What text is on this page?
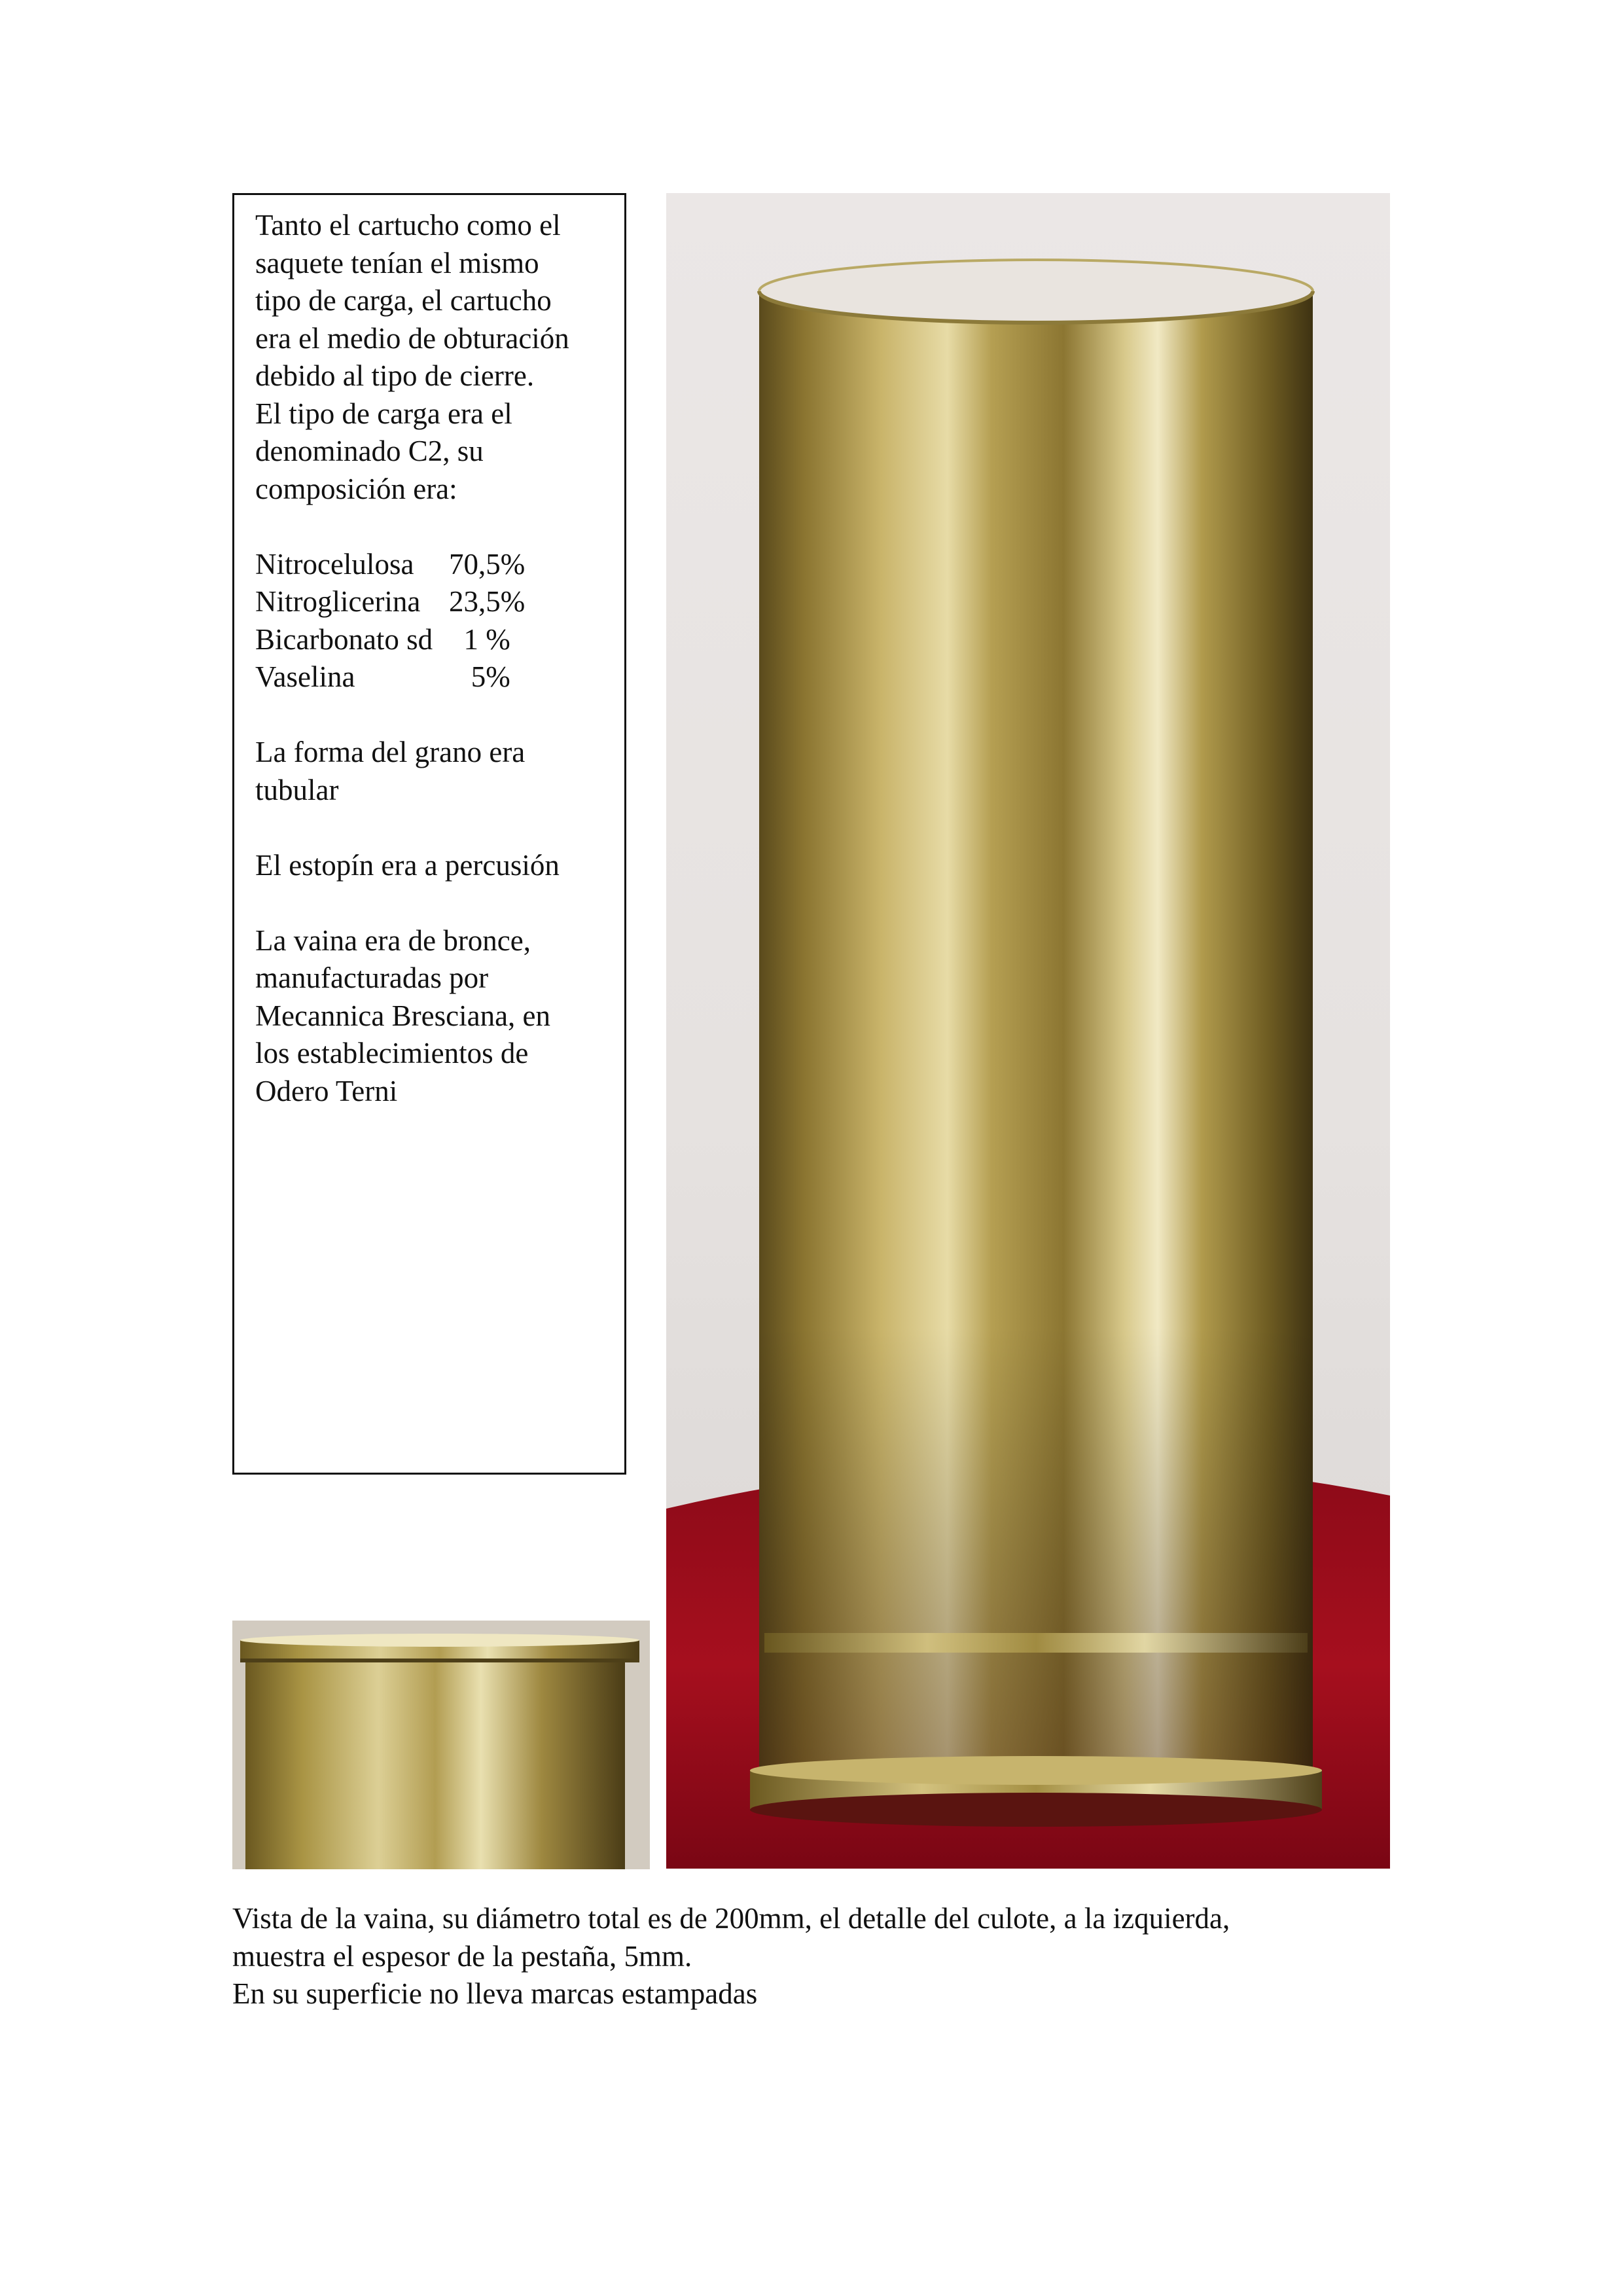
Tanto el cartucho como el

saquete tenían el mismo

tipo de carga, el cartucho

era el medio de obturación

debido al tipo de cierre.

El tipo de carga era el

denominado C2, su

composición era:

Nitrocelulosa	70,5%
Nitroglicerina 23,5%
Bicarbonato sd 1 %
Vaselina	5%

La forma del grano era

tubular

El estopín era a percusión

La vaina era de bronce,

manufacturadas por

Mecannica Bresciana, en

los establecimientos de

Odero Terni

Vista de la vaina, su diámetro total es de 200mm, el detalle del culote, a la izquierda,

muestra el espesor de la pestaña, 5mm.

En su superficie no lleva marcas estampadas
